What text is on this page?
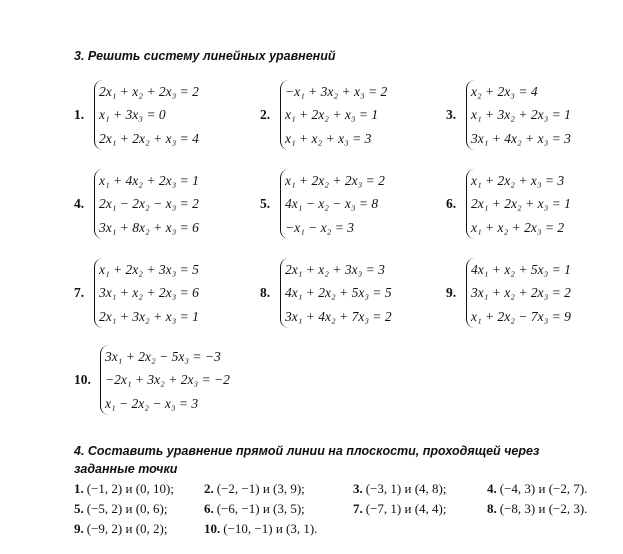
3. Решить систему линейных уравнений
1.
2x₁ + x₂ + 2x₃ = 2
x₁ + 3x₃ = 0
2x₁ + 2x₂ + x₃ = 4
2.
−x₁ + 3x₂ + x₃ = 2
x₁ + 2x₂ + x₃ = 1
x₁ + x₂ + x₃ = 3
3.
x₂ + 2x₃ = 4
x₁ + 3x₂ + 2x₃ = 1
3x₁ + 4x₂ + x₃ = 3
4.
x₁ + 4x₂ + 2x₃ = 1
2x₁ − 2x₂ − x₃ = 2
3x₁ + 8x₂ + x₃ = 6
5.
x₁ + 2x₂ + 2x₃ = 2
4x₁ − x₂ − x₃ = 8
−x₁ − x₂ = 3
6.
x₁ + 2x₂ + x₃ = 3
2x₁ + 2x₂ + x₃ = 1
x₁ + x₂ + 2x₃ = 2
7.
x₁ + 2x₂ + 3x₃ = 5
3x₁ + x₂ + 2x₃ = 6
2x₁ + 3x₂ + x₃ = 1
8.
2x₁ + x₂ + 3x₃ = 3
4x₁ + 2x₂ + 5x₃ = 5
3x₁ + 4x₂ + 7x₃ = 2
9.
4x₁ + x₂ + 5x₃ = 1
3x₁ + x₂ + 2x₃ = 2
x₁ + 2x₂ − 7x₃ = 9
10.
3x₁ + 2x₂ − 5x₃ = −3
−2x₁ + 3x₂ + 2x₃ = −2
x₁ − 2x₂ − x₃ = 3
4. Составить уравнение прямой линии на плоскости, проходящей через
заданные точки
1. (−1, 2) и (0, 10); 2. (−2, −1) и (3, 9);	3. (−3, 1) и (4, 8);	4. (−4, 3) и (−2, 7).
5. (−5, 2) и (0, 6);	6. (−6, −1) и (3, 5);	7. (−7, 1) и (4, 4);	8. (−8, 3) и (−2, 3).
9. (−9, 2) и (0, 2);	10. (−10, −1) и (3, 1).
